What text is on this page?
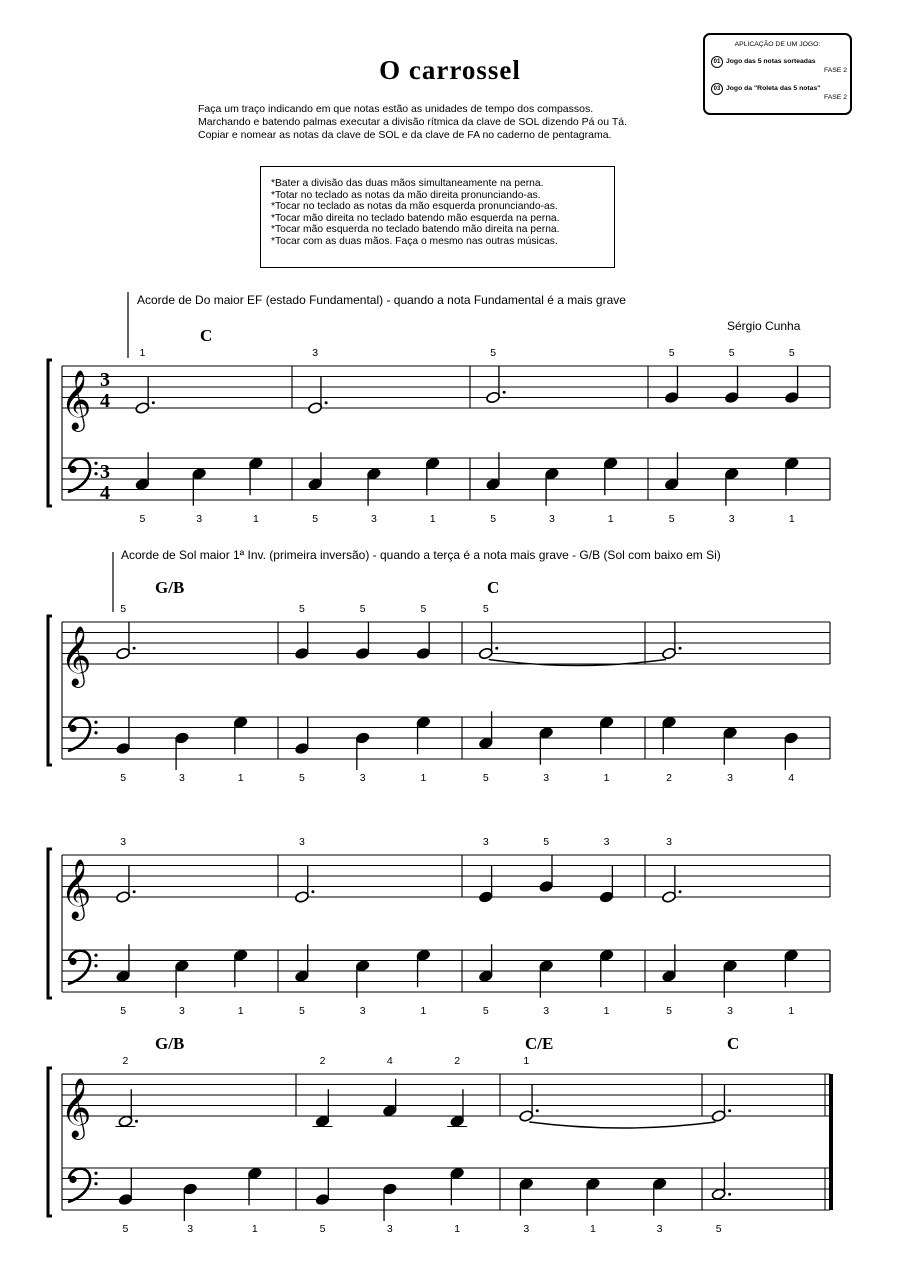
O carrossel
Faça um traço indicando em que notas estão as unidades de tempo dos compassos.
Marchando e batendo palmas executar a divisão rítmica da clave de SOL dizendo Pá ou Tá.
Copiar e nomear as notas da clave de SOL e da clave de FA no caderno de pentagrama.
*Bater a divisão das duas mãos simultaneamente na perna.
*Totar no teclado as notas da mão direita pronunciando-as.
*Tocar no teclado as notas da mão esquerda pronunciando-as.
*Tocar mão direita no teclado batendo mão esquerda na perna.
*Tocar mão esquerda no teclado batendo mão direita na perna.
*Tocar com as duas mãos. Faça o mesmo nas outras músicas.
APLICAÇÃO DE UM JOGO:
01 Jogo das 5 notas sorteadas
FASE 2
03 Jogo da "Roleta das 5 notas"
FASE 2
Acorde de Do maior EF (estado Fundamental) - quando a nota Fundamental é a mais grave
Sérgio Cunha
Acorde de Sol maior 1ª Inv. (primeira inversão) - quando a terça é a nota mais grave - G/B (Sol com baixo em Si)
C
G/B	C
G/B	C/E	C
𝄞 3
4
3
4
1
5	3	1
3
5	3	1
5
5	3	1
5	5	5
5	3	1
𝄞
5
5	3	1
5	5	5
5	3	1
5
5	3	1	2	3	4
𝄞
3
5	3	1
3
5	3	1
3	5	3
5	3	1
3
5	3	1
𝄞
2
5	3	1
2	4	2
5	3	1
1
3	1	3	5
